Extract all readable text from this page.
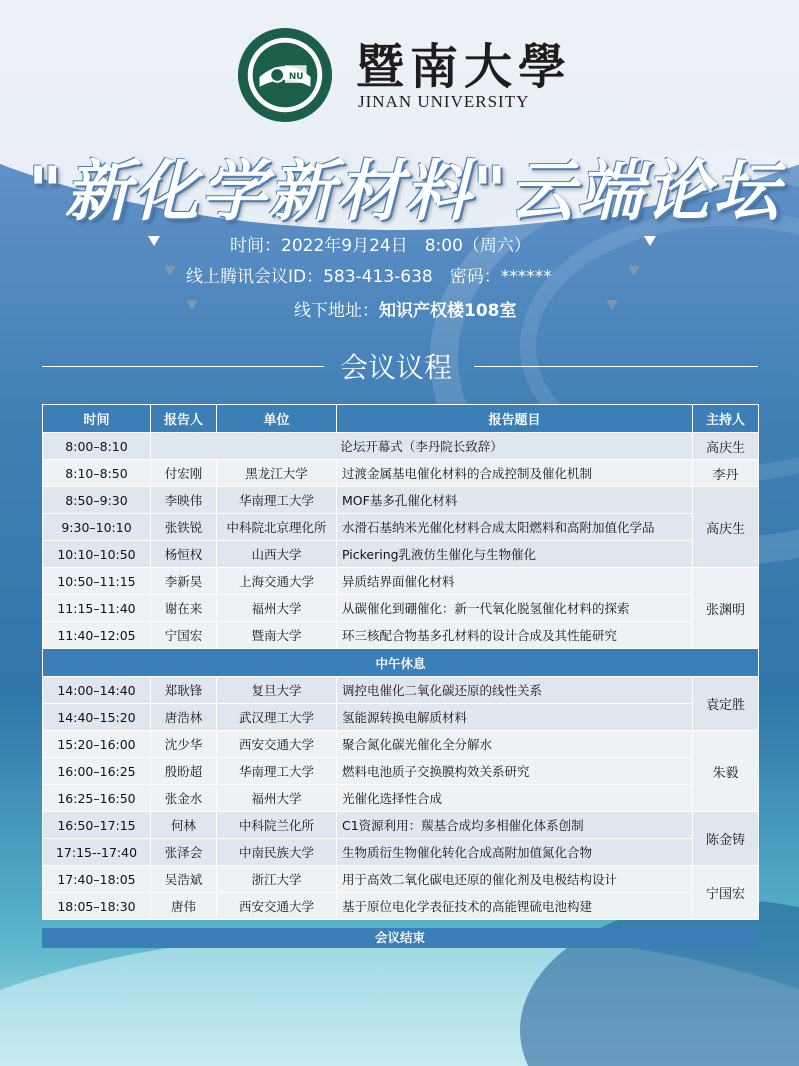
NU
1906
暨南大學
JINAN UNIVERSITY
"新化学新材料"云端论坛
时间：2022年9月24日　8:00（周六）
线上腾讯会议ID：583-413-638　密码：******
线下地址：知识产权楼108室
会议议程
时间	报告人	单位	报告题目	主持人
8:00–8:10	论坛开幕式（李丹院长致辞）			高庆生
8:10–8:50	付宏刚	黑龙江大学	过渡金属基电催化材料的合成控制及催化机制	李丹
8:50–9:30	李映伟	华南理工大学	MOF基多孔催化材料	高庆生
9:30–10:10	张铁锐	中科院北京理化所	水滑石基纳米光催化材料合成太阳燃料和高附加值化学品	
10:10–10:50	杨恒权	山西大学	Pickering乳液仿生催化与生物催化	
10:50–11:15	李新昊	上海交通大学	异质结界面催化材料	张渊明
11:15–11:40	谢在来	福州大学	从碳催化到硼催化：新一代氧化脱氢催化材料的探索	
11:40–12:05	宁国宏	暨南大学	环三核配合物基多孔材料的设计合成及其性能研究	
中午休息				
14:00–14:40	郑耿锋	复旦大学	调控电催化二氧化碳还原的线性关系	袁定胜
14:40–15:20	唐浩林	武汉理工大学	氢能源转换电解质材料	
15:20–16:00	沈少华	西安交通大学	聚合氮化碳光催化全分解水	朱毅
16:00–16:25	殷盼超	华南理工大学	燃料电池质子交换膜构效关系研究	
16:25–16:50	张金水	福州大学	光催化选择性合成	
16:50–17:15	何林	中科院兰化所	C1资源利用：羰基合成均多相催化体系创制	陈金铸
17:15--17:40	张泽会	中南民族大学	生物质衍生物催化转化合成高附加值氮化合物	
17:40–18:05	吴浩斌	浙江大学	用于高效二氧化碳电还原的催化剂及电极结构设计	宁国宏
18:05–18:30	唐伟	西安交通大学	基于原位电化学表征技术的高能锂硫电池构建	
会议结束
